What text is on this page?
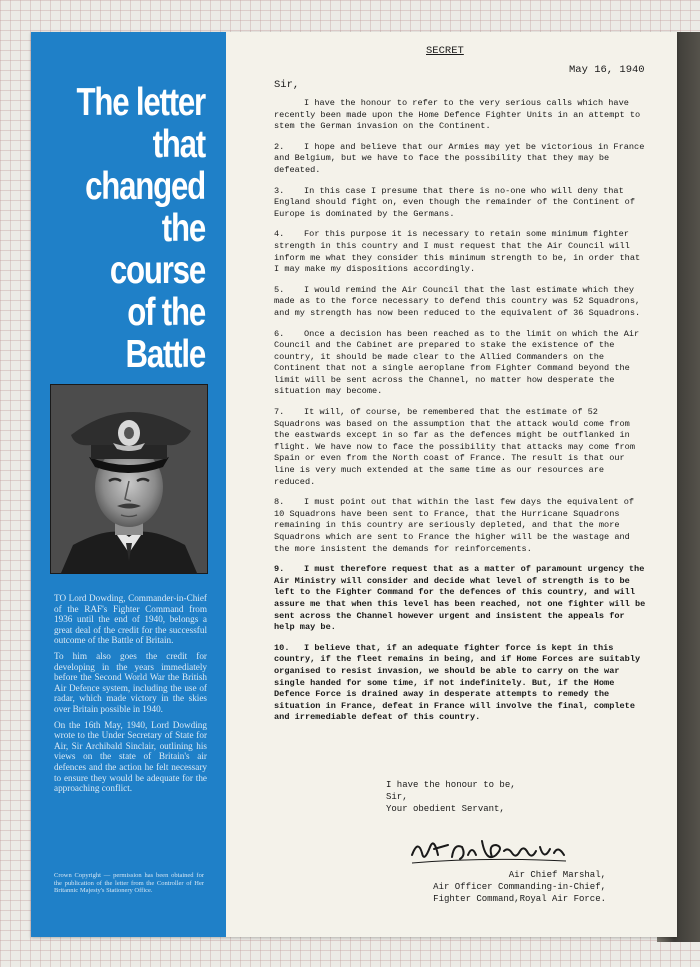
The letter
that
changed
the course
of the
Battle

TO Lord Dowding, Commander-in-Chief of the RAF's Fighter Command from 1936 until the end of 1940, belongs a great deal of the credit for the successful outcome of the Battle of Britain.

To him also goes the credit for developing in the years immediately before the Second World War the British Air Defence system, including the use of radar, which made victory in the skies over Britain possible in 1940.

On the 16th May, 1940, Lord Dowding wrote to the Under Secretary of State for Air, Sir Archibald Sinclair, outlining his views on the state of Britain's air defences and the action he felt necessary to ensure they would be adequate for the approaching conflict.

Crown Copyright — permission has been obtained for the publication of the letter from the Controller of Her Britannic Majesty's Stationery Office.
SECRET
May 16, 1940
Sir,

I have the honour to refer to the very serious calls which have recently been made upon the Home Defence Fighter Units in an attempt to stem the German invasion on the Continent.

2. I hope and believe that our Armies may yet be victorious in France and Belgium, but we have to face the possibility that they may be defeated.

3. In this case I presume that there is no-one who will deny that England should fight on, even though the remainder of the Continent of Europe is dominated by the Germans.

4. For this purpose it is necessary to retain some minimum fighter strength in this country and I must request that the Air Council will inform me what they consider this minimum strength to be, in order that I may make my dispositions accordingly.

5. I would remind the Air Council that the last estimate which they made as to the force necessary to defend this country was 52 Squadrons, and my strength has now been reduced to the equivalent of 36 Squadrons.

6. Once a decision has been reached as to the limit on which the Air Council and the Cabinet are prepared to stake the existence of the country, it should be made clear to the Allied Commanders on the Continent that not a single aeroplane from Fighter Command beyond the limit will be sent across the Channel, no matter how desperate the situation may become.

7. It will, of course, be remembered that the estimate of 52 Squadrons was based on the assumption that the attack would come from the eastwards except in so far as the defences might be outflanked in flight. We have now to face the possibility that attacks may come from Spain or even from the North coast of France. The result is that our line is very much extended at the same time as our resources are reduced.

8. I must point out that within the last few days the equivalent of 10 Squadrons have been sent to France, that the Hurricane Squadrons remaining in this country are seriously depleted, and that the more Squadrons which are sent to France the higher will be the wastage and the more insistent the demands for reinforcements.

9. I must therefore request that as a matter of paramount urgency the Air Ministry will consider and decide what level of strength is to be left to the Fighter Command for the defences of this country, and will assure me that when this level has been reached, not one fighter will be sent across the Channel however urgent and insistent the appeals for help may be.

10. I believe that, if an adequate fighter force is kept in this country, if the fleet remains in being, and if Home Forces are suitably organised to resist invasion, we should be able to carry on the war single handed for some time, if not indefinitely. But, if the Home Defence Force is drained away in desperate attempts to remedy the situation in France, defeat in France will involve the final, complete and irremediable defeat of this country.

I have the honour to be,
Sir,
Your obedient Servant,
Air Chief Marshal,
Air Officer Commanding-in-Chief,
Fighter Command,Royal Air Force.
